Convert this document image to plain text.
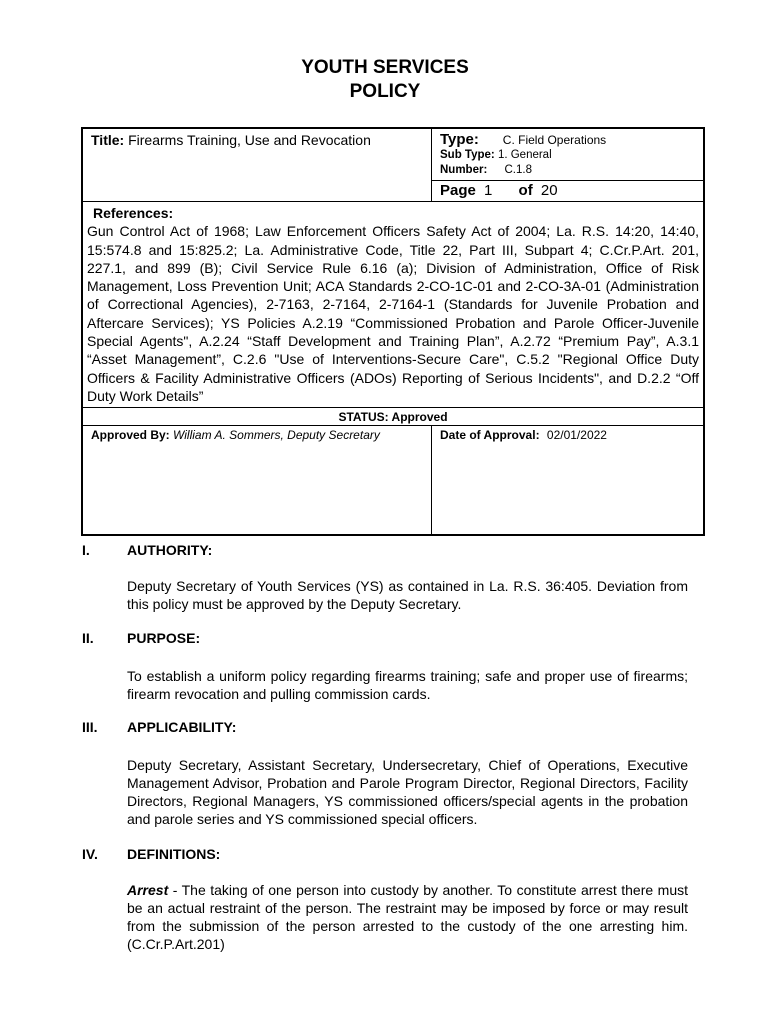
YOUTH SERVICES
POLICY
Title: Firearms Training, Use and Revocation	Type: C. Field Operations
Sub Type: 1. General
Number: C.1.8

	Page 1 of 20

References:
Gun Control Act of 1968; Law Enforcement Officers Safety Act of 2004; La. R.S. 14:20, 14:40, 15:574.8 and 15:825.2; La. Administrative Code, Title 22, Part III, Subpart 4; C.Cr.P.Art. 201, 227.1, and 899 (B); Civil Service Rule 6.16 (a); Division of Administration, Office of Risk Management, Loss Prevention Unit; ACA Standards 2-CO-1C-01 and 2-CO-3A-01 (Administration of Correctional Agencies), 2-7163, 2-7164, 2-7164-1 (Standards for Juvenile Probation and Aftercare Services); YS Policies A.2.19 “Commissioned Probation and Parole Officer-Juvenile Special Agents", A.2.24 “Staff Development and Training Plan”, A.2.72 “Premium Pay”, A.3.1 “Asset Management”, C.2.6 "Use of Interventions-Secure Care", C.5.2 "Regional Office Duty Officers & Facility Administrative Officers (ADOs) Reporting of Serious Incidents", and D.2.2 “Off Duty Work Details”	

STATUS: Approved	
Approved By: William A. Sommers, Deputy Secretary	Date of Approval: 02/01/2022
I.	AUTHORITY:
Deputy Secretary of Youth Services (YS) as contained in La. R.S. 36:405. Deviation from this policy must be approved by the Deputy Secretary.
II. PURPOSE:
To establish a uniform policy regarding firearms training; safe and proper use of firearms; firearm revocation and pulling commission cards.
III. APPLICABILITY:
Deputy Secretary, Assistant Secretary, Undersecretary, Chief of Operations, Executive Management Advisor, Probation and Parole Program Director, Regional Directors, Facility Directors, Regional Managers, YS commissioned officers/special agents in the probation and parole series and YS commissioned special officers.
IV. DEFINITIONS:
Arrest - The taking of one person into custody by another. To constitute arrest there must be an actual restraint of the person. The restraint may be imposed by force or may result from the submission of the person arrested to the custody of the one arresting him. (C.Cr.P.Art.201)
